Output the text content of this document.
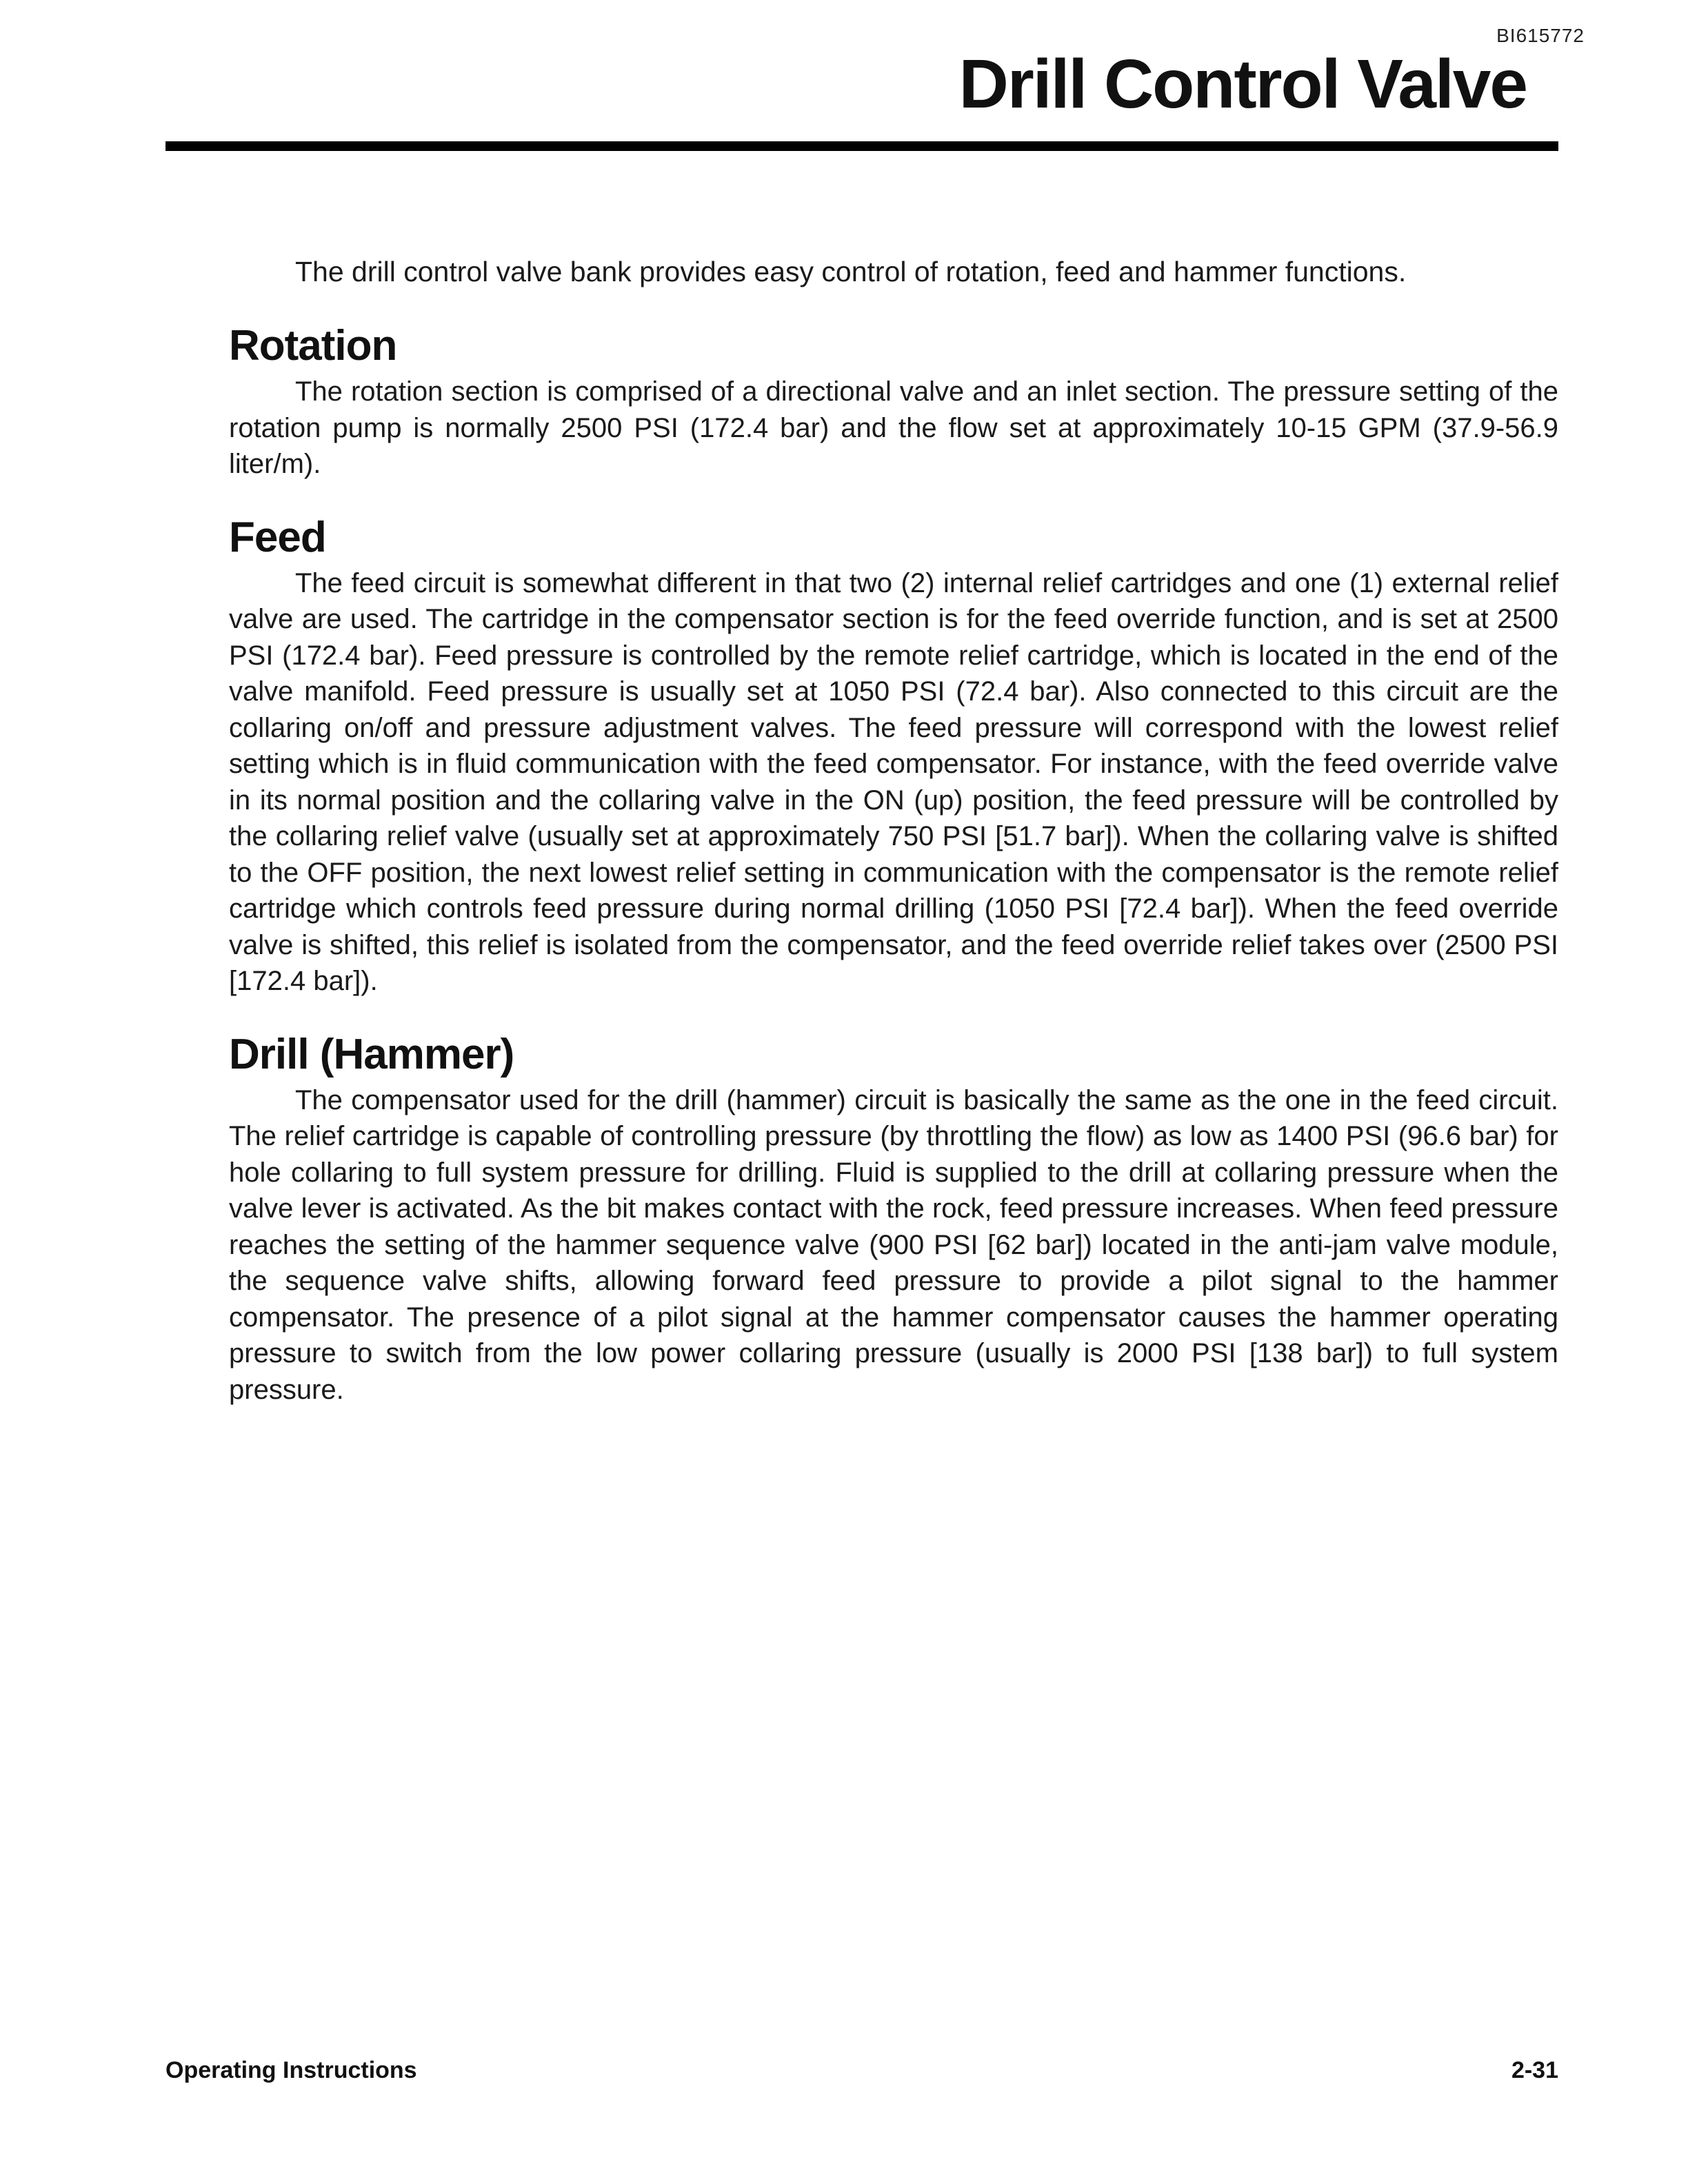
BI615772
Drill Control Valve

The drill control valve bank provides easy control of rotation, feed and hammer functions.

Rotation

The rotation section is comprised of a directional valve and an inlet section. The pressure setting of the rotation pump is normally 2500 PSI (172.4 bar) and the flow set at approximately 10-15 GPM (37.9-56.9 liter/m).

Feed

The feed circuit is somewhat different in that two (2) internal relief cartridges and one (1) external relief valve are used. The cartridge in the compensator section is for the feed override function, and is set at 2500 PSI (172.4 bar). Feed pressure is controlled by the remote relief cartridge, which is located in the end of the valve manifold. Feed pressure is usually set at 1050 PSI (72.4 bar). Also connected to this circuit are the collaring on/off and pressure adjustment valves. The feed pressure will correspond with the lowest relief setting which is in fluid communication with the feed compensator. For instance, with the feed override valve in its normal position and the collaring valve in the ON (up) position, the feed pressure will be controlled by the collaring relief valve (usually set at approximately 750 PSI [51.7 bar]). When the collaring valve is shifted to the OFF position, the next lowest relief setting in communication with the compensator is the remote relief cartridge which controls feed pressure during normal drilling (1050 PSI [72.4 bar]). When the feed override valve is shifted, this relief is isolated from the compensator, and the feed override relief takes over (2500 PSI [172.4 bar]).

Drill (Hammer)

The compensator used for the drill (hammer) circuit is basically the same as the one in the feed circuit. The relief cartridge is capable of controlling pressure (by throttling the flow) as low as 1400 PSI (96.6 bar) for hole collaring to full system pressure for drilling. Fluid is supplied to the drill at collaring pressure when the valve lever is activated. As the bit makes contact with the rock, feed pressure increases. When feed pressure reaches the setting of the hammer sequence valve (900 PSI [62 bar]) located in the anti-jam valve module, the sequence valve shifts, allowing forward feed pressure to provide a pilot signal to the hammer compensator. The presence of a pilot signal at the hammer compensator causes the hammer operating pressure to switch from the low power collaring pressure (usually is 2000 PSI [138 bar]) to full system pressure.

Operating Instructions	2-31
